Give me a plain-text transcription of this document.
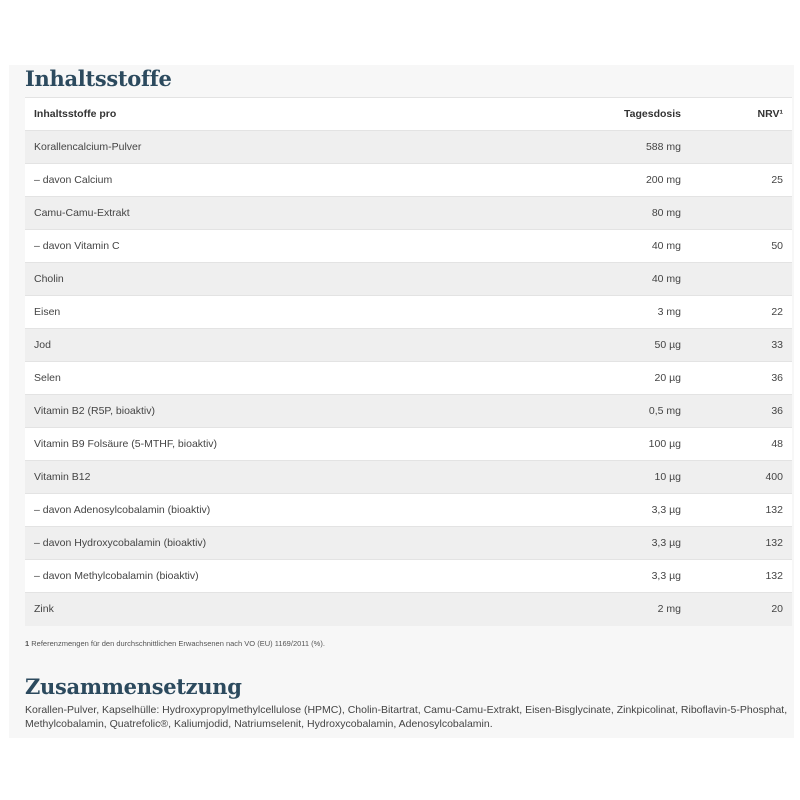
Inhaltsstoffe
Inhaltsstoffe pro	Tagesdosis	NRV¹
Korallencalcium-Pulver	588 mg	
– davon Calcium	200 mg	25
Camu-Camu-Extrakt	80 mg	
– davon Vitamin C	40 mg	50
Cholin	40 mg	
Eisen	3 mg	22
Jod	50 µg	33
Selen	20 µg	36
Vitamin B2 (R5P, bioaktiv)	0,5 mg	36
Vitamin B9 Folsäure (5-MTHF, bioaktiv)	100 µg	48
Vitamin B12	10 µg	400
– davon Adenosylcobalamin (bioaktiv)	3,3 µg	132
– davon Hydroxycobalamin (bioaktiv)	3,3 µg	132
– davon Methylcobalamin (bioaktiv)	3,3 µg	132
Zink	2 mg	20
1 Referenzmengen für den durchschnittlichen Erwachsenen nach VO (EU) 1169/2011 (%).
Zusammensetzung

Korallen-Pulver, Kapselhülle: Hydroxypropylmethylcellulose (HPMC), Cholin-Bitartrat, Camu-Camu-Extrakt, Eisen-Bisglycinate, Zinkpicolinat, Riboflavin-5-Phosphat, Methylcobalamin, Quatrefolic®, Kaliumjodid, Natriumselenit, Hydroxycobalamin, Adenosylcobalamin.
